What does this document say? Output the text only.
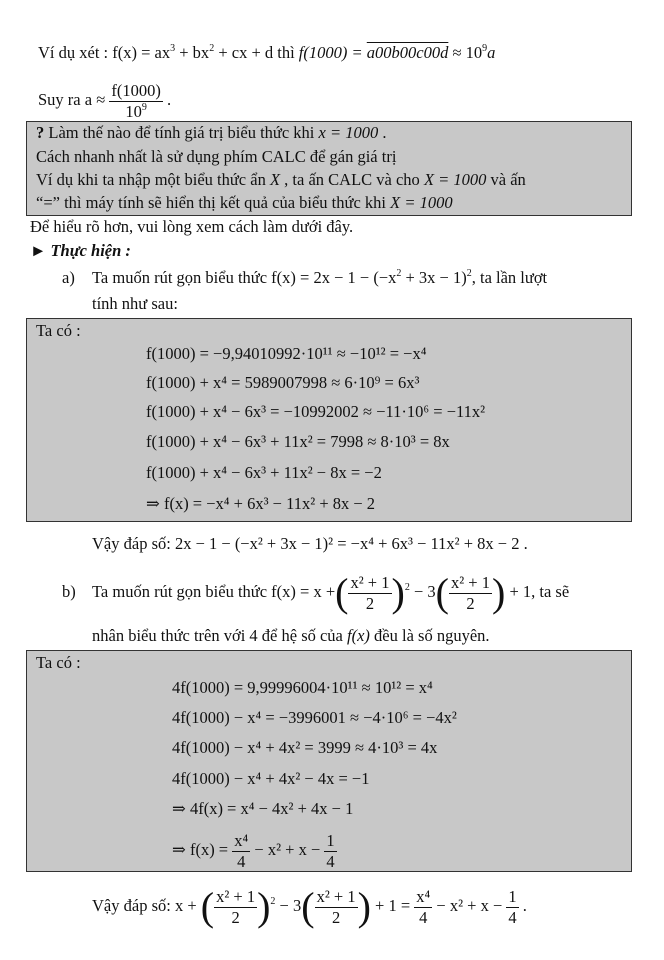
Ví dụ xét : $f(x) = ax^3 + bx^2$ + cx + d thì $f(1000) = a00b00c00d \approx 10^9a$
Suy ra $a \approx \frac{f(1000)}{10^9}$ .
? Làm thế nào để tính giá trị biểu thức khi x = 1000 .
Cách nhanh nhất là sử dụng phím CALC để gán giá trị
Ví dụ khi ta nhập một biểu thức ẩn X , ta ấn CALC và cho X = 1000 và ấn
“=” thì máy tính sẽ hiển thị kết quả của biểu thức khi X = 1000
Để hiểu rõ hơn, vui lòng xem cách làm dưới đây.
► Thực hiện :
a) Ta muốn rút gọn biểu thức $f(x) = 2x - 1 - (-x^2 + 3x - 1)^2$, ta lần lượt
tính như sau:
Ta có :
f(1000) = −9,94010992·10¹¹ ≈ −10¹² = −x⁴
f(1000) + x⁴ = 5989007998 ≈ 6·10⁹ = 6x³
f(1000) + x⁴ − 6x³ = −10992002 ≈ −11·10⁶ = −11x²
f(1000) + x⁴ − 6x³ + 11x² = 7998 ≈ 8·10³ = 8x
f(1000) + x⁴ − 6x³ + 11x² − 8x = −2
⇒ f(x) = −x⁴ + 6x³ − 11x² + 8x − 2
Vậy đáp số: 2x − 1 − (−x² + 3x − 1)² = −x⁴ + 6x³ − 11x² + 8x − 2 .
b) Ta muốn rút gọn biểu thức f(x) = x +( $\frac{\text{x² + 1}}{2} )^2 - 3( \frac{\text{x² + 1}}{2}$ ) + 1, ta sẽ
nhân biểu thức trên với 4 để hệ số của f(x) đều là số nguyên.
Ta có :
4f(1000) = 9,99996004·10¹¹ ≈ 10¹² = x⁴
4f(1000) − x⁴ = −3996001 ≈ −4·10⁶ = −4x²
4f(1000) − x⁴ + 4x² = 3999 ≈ 4·10³ = 4x
4f(1000) − x⁴ + 4x² − 4x = −1
⇒ 4f(x) = x⁴ − 4x² + 4x − 1
⇒ $f(x) = \frac{\text{x⁴}}{4} - x^2 + x - \frac{1}{4}$
Vậy đáp số: x + ( $\frac{\text{x² + 1}}{2} )^2 - 3( \frac{\text{x² + 1}}{2}$ ) + $1 = \frac{\text{x⁴}}{4} - x^2 + x - \frac{1}{4}$ .
